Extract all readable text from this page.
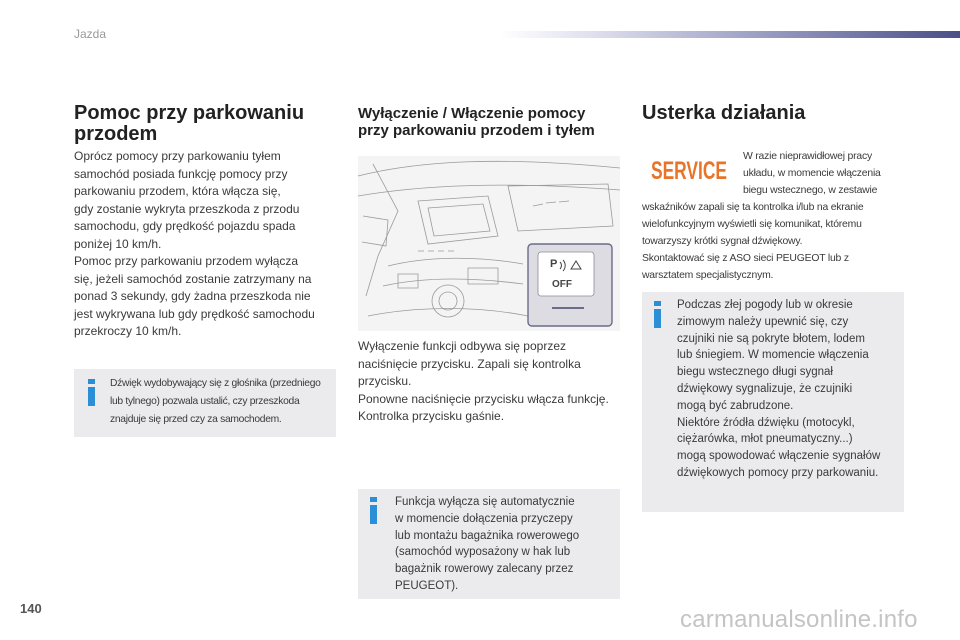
Jazda
Pomoc przy parkowaniu przodem

Oprócz pomocy przy parkowaniu tyłem
samochód posiada funkcję pomocy przy
parkowaniu przodem, która włącza się,
gdy zostanie wykryta przeszkoda z przodu
samochodu, gdy prędkość pojazdu spada
poniżej 10 km/h.
Pomoc przy parkowaniu przodem wyłącza
się, jeżeli samochód zostanie zatrzymany na
ponad 3 sekundy, gdy żadna przeszkoda nie
jest wykrywana lub gdy prędkość samochodu
przekroczy 10 km/h.

Dźwięk wydobywający się z głośnika (przedniego
lub tylnego) pozwala ustalić, czy przeszkoda
znajduje się przed czy za samochodem.

Wyłączenie / Włączenie pomocy przy parkowaniu przodem i tyłem
P
OFF

Wyłączenie funkcji odbywa się poprzez
naciśnięcie przycisku. Zapali się kontrolka
przycisku.
Ponowne naciśnięcie przycisku włącza funkcję.
Kontrolka przycisku gaśnie.

Funkcja wyłącza się automatycznie
w momencie dołączenia przyczepy
lub montażu bagażnika rowerowego
(samochód wyposażony w hak lub
bagażnik rowerowy zalecany przez
PEUGEOT).

Usterka działania
SERVICE

W razie nieprawidłowej pracy
układu, w momencie włączenia
biegu wstecznego, w zestawie

wskaźników zapali się ta kontrolka i/lub na ekranie
wielofunkcyjnym wyświetli się komunikat, któremu
towarzyszy krótki sygnał dźwiękowy.
Skontaktować się z ASO sieci PEUGEOT lub z
warsztatem specjalistycznym.

Podczas złej pogody lub w okresie
zimowym należy upewnić się, czy
czujniki nie są pokryte błotem, lodem
lub śniegiem. W momencie włączenia
biegu wstecznego długi sygnał
dźwiękowy sygnalizuje, że czujniki
mogą być zabrudzone.
Niektóre źródła dźwięku (motocykl,
ciężarówka, młot pneumatyczny...)
mogą spowodować włączenie sygnałów
dźwiękowych pomocy przy parkowaniu.

140	carmanualsonline.info
